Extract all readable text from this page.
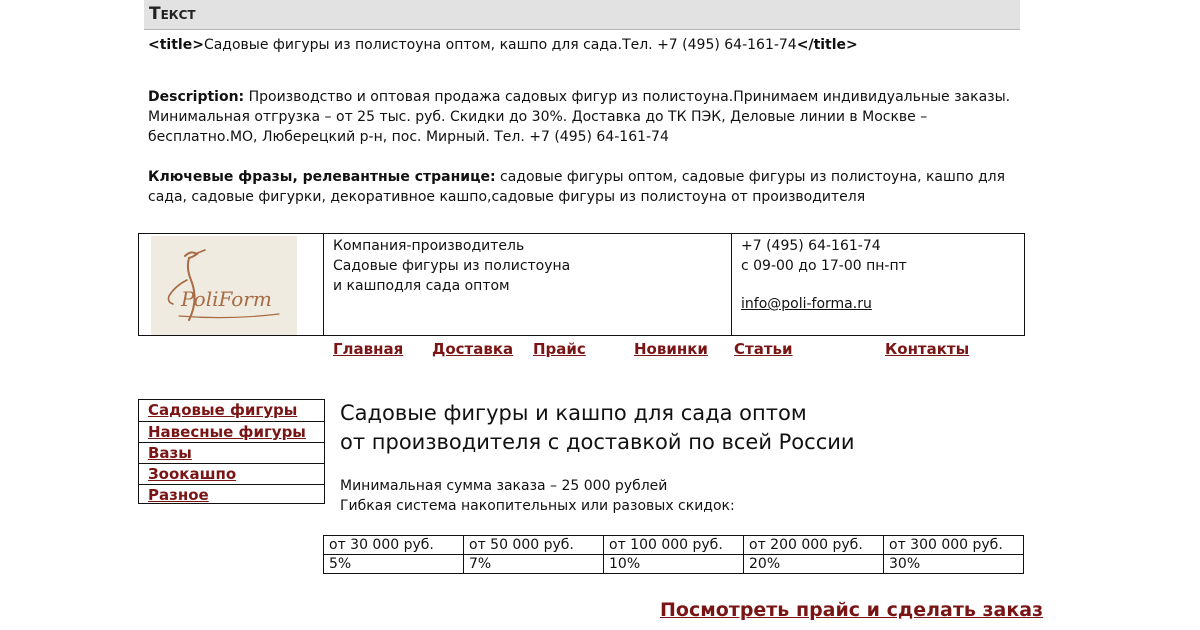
Текст
<title>Садовые фигуры из полистоуна оптом, кашпо для сада.Тел. +7 (495) 64-161-74</title>
Description: Производство и оптовая продажа садовых фигур из полистоуна.Принимаем индивидуальные заказы. Минимальная отгрузка – от 25 тыс. руб. Скидки до 30%. Доставка до ТК ПЭК, Деловые линии в Москве – бесплатно.МО, Люберецкий р-н, пос. Мирный. Тел. +7 (495) 64-161-74
Ключевые фразы, релевантные странице: садовые фигуры оптом, садовые фигуры из полистоуна, кашпо для сада, садовые фигурки, декоративное кашпо,садовые фигуры из полистоуна от производителя
PoliForm
Компания-производитель
Садовые фигуры из полистоуна
и кашподля сада оптом
+7 (495) 64-161-74
с 09-00 до 17-00 пн-пт
info@poli-forma.ru
Главная Доставка Прайс	Новинки Статьи	Контакты
Садовые фигуры
Навесные фигуры
Вазы
Зоокашпо
Разное
Садовые фигуры и кашпо для сада оптом
от производителя с доставкой по всей России
Минимальная сумма заказа – 25 000 рублей
Гибкая система накопительных или разовых скидок:
от 30 000 руб.	от 50 000 руб.	от 100 000 руб.	от 200 000 руб.	от 300 000 руб.
5%	7%	10%	20%	30%
Посмотреть прайс и сделать заказ
